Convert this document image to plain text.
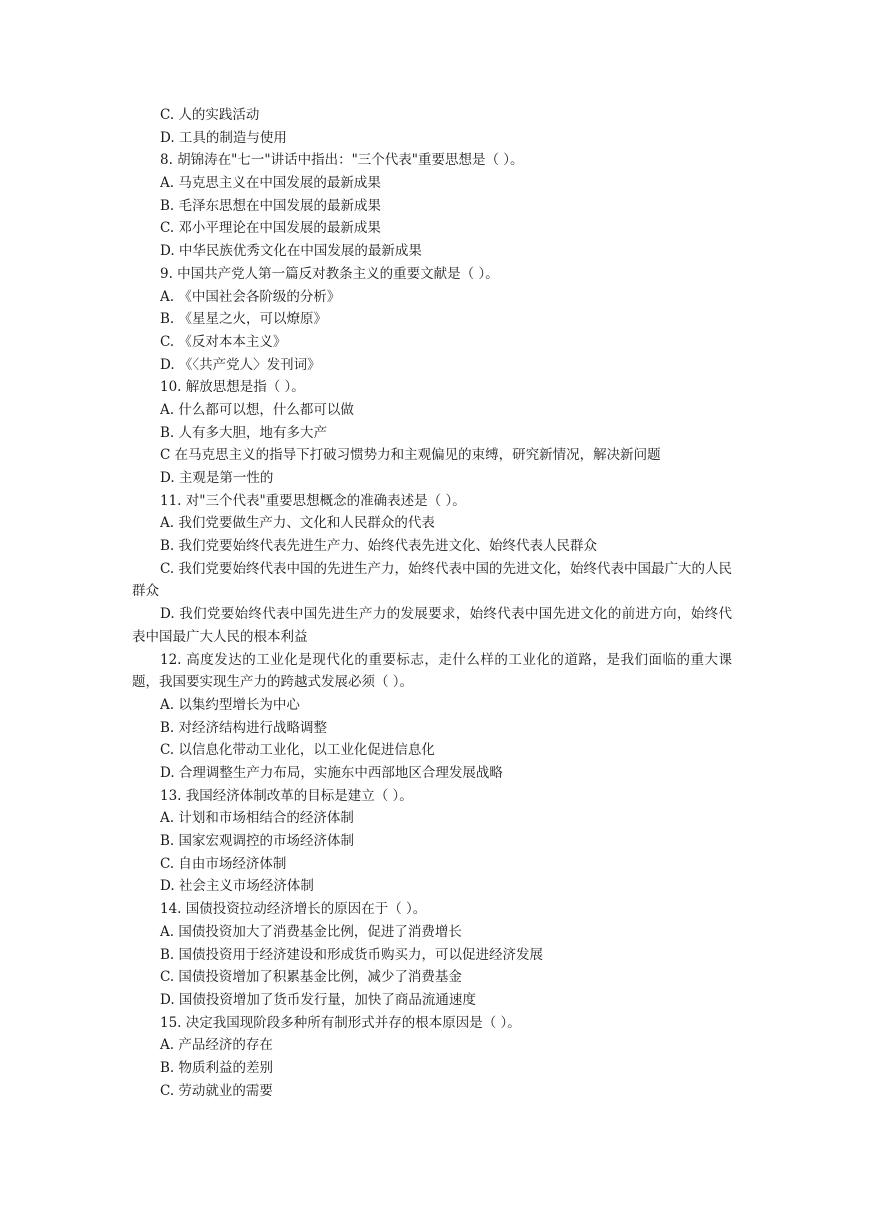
C. 人的实践活动
D. 工具的制造与使用
8. 胡锦涛在"七一"讲话中指出："三个代表"重要思想是（ ）。
A. 马克思主义在中国发展的最新成果
B. 毛泽东思想在中国发展的最新成果
C. 邓小平理论在中国发展的最新成果
D. 中华民族优秀文化在中国发展的最新成果
9. 中国共产党人第一篇反对教条主义的重要文献是（ ）。
A. 《中国社会各阶级的分析》
B. 《星星之火，可以燎原》
C. 《反对本本主义》
D. 《〈共产党人〉发刊词》
10. 解放思想是指（ ）。
A. 什么都可以想，什么都可以做
B. 人有多大胆，地有多大产
C 在马克思主义的指导下打破习惯势力和主观偏见的束缚，研究新情况，解决新问题
D. 主观是第一性的
11. 对"三个代表"重要思想概念的准确表述是（ ）。
A. 我们党要做生产力、文化和人民群众的代表
B. 我们党要始终代表先进生产力、始终代表先进文化、始终代表人民群众
C. 我们党要始终代表中国的先进生产力，始终代表中国的先进文化，始终代表中国最广大的人民群众
D. 我们党要始终代表中国先进生产力的发展要求，始终代表中国先进文化的前进方向，始终代表中国最广大人民的根本利益
12. 高度发达的工业化是现代化的重要标志，走什么样的工业化的道路，是我们面临的重大课题，我国要实现生产力的跨越式发展必须（ ）。
A. 以集约型增长为中心
B. 对经济结构进行战略调整
C. 以信息化带动工业化，以工业化促进信息化
D. 合理调整生产力布局，实施东中西部地区合理发展战略
13. 我国经济体制改革的目标是建立（ ）。
A. 计划和市场相结合的经济体制
B. 国家宏观调控的市场经济体制
C. 自由市场经济体制
D. 社会主义市场经济体制
14. 国债投资拉动经济增长的原因在于（ ）。
A. 国债投资加大了消费基金比例，促进了消费增长
B. 国债投资用于经济建设和形成货币购买力，可以促进经济发展
C. 国债投资增加了积累基金比例，减少了消费基金
D. 国债投资增加了货币发行量，加快了商品流通速度
15. 决定我国现阶段多种所有制形式并存的根本原因是（ ）。
A. 产品经济的存在
B. 物质利益的差别
C. 劳动就业的需要
